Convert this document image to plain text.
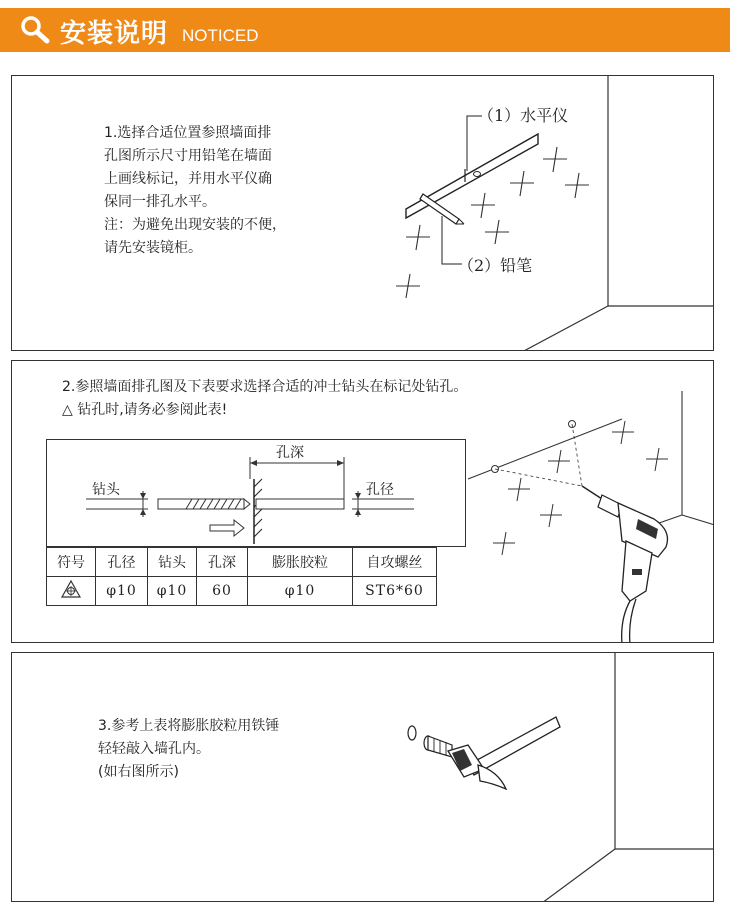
安装说明 NOTICED
1.选择合适位置参照墙面排
孔图所示尺寸用铅笔在墙面
上画线标记，并用水平仪确
保同一排孔水平。
注：为避免出现安装的不便，
请先安装镜柜。
（1）水平仪
（2）铅笔
2.参照墙面排孔图及下表要求选择合适的冲士钻头在标记处钻孔。
△ 钻孔时,请务必参阅此表!
孔深
钻头	孔径
符号	孔径	钻头	孔深	膨胀胶粒	自攻螺丝
	φ10	φ10	60	φ10	ST6*60
3.参考上表将膨胀胶粒用铁锤
轻轻敲入墙孔内。
(如右图所示)
